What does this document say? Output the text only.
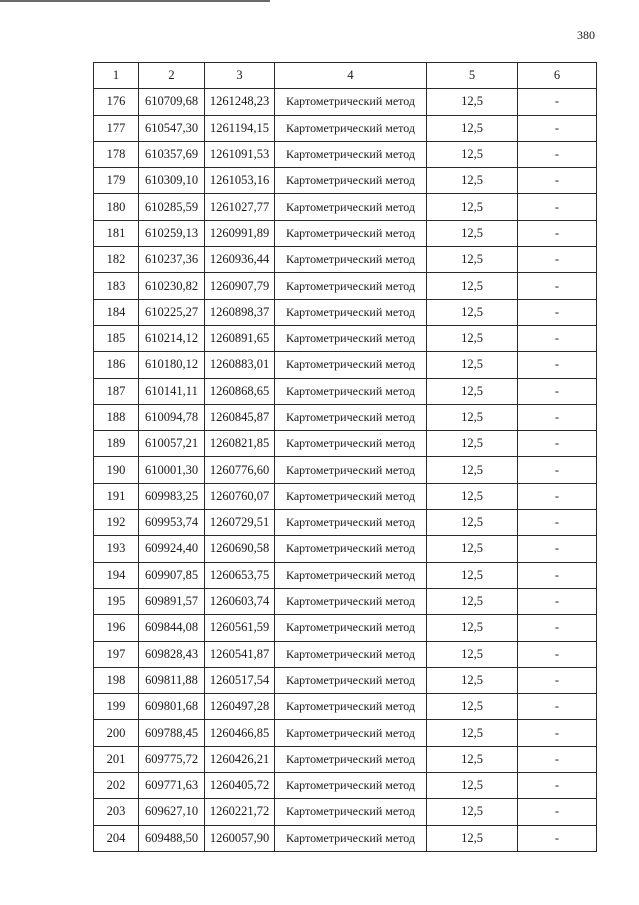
380
1	2	3	4	5	6
176	610709,68	1261248,23	Картометрический метод	12,5	-
177	610547,30	1261194,15	Картометрический метод	12,5	-
178	610357,69	1261091,53	Картометрический метод	12,5	-
179	610309,10	1261053,16	Картометрический метод	12,5	-
180	610285,59	1261027,77	Картометрический метод	12,5	-
181	610259,13	1260991,89	Картометрический метод	12,5	-
182	610237,36	1260936,44	Картометрический метод	12,5	-
183	610230,82	1260907,79	Картометрический метод	12,5	-
184	610225,27	1260898,37	Картометрический метод	12,5	-
185	610214,12	1260891,65	Картометрический метод	12,5	-
186	610180,12	1260883,01	Картометрический метод	12,5	-
187	610141,11	1260868,65	Картометрический метод	12,5	-
188	610094,78	1260845,87	Картометрический метод	12,5	-
189	610057,21	1260821,85	Картометрический метод	12,5	-
190	610001,30	1260776,60	Картометрический метод	12,5	-
191	609983,25	1260760,07	Картометрический метод	12,5	-
192	609953,74	1260729,51	Картометрический метод	12,5	-
193	609924,40	1260690,58	Картометрический метод	12,5	-
194	609907,85	1260653,75	Картометрический метод	12,5	-
195	609891,57	1260603,74	Картометрический метод	12,5	-
196	609844,08	1260561,59	Картометрический метод	12,5	-
197	609828,43	1260541,87	Картометрический метод	12,5	-
198	609811,88	1260517,54	Картометрический метод	12,5	-
199	609801,68	1260497,28	Картометрический метод	12,5	-
200	609788,45	1260466,85	Картометрический метод	12,5	-
201	609775,72	1260426,21	Картометрический метод	12,5	-
202	609771,63	1260405,72	Картометрический метод	12,5	-
203	609627,10	1260221,72	Картометрический метод	12,5	-
204	609488,50	1260057,90	Картометрический метод	12,5	-
